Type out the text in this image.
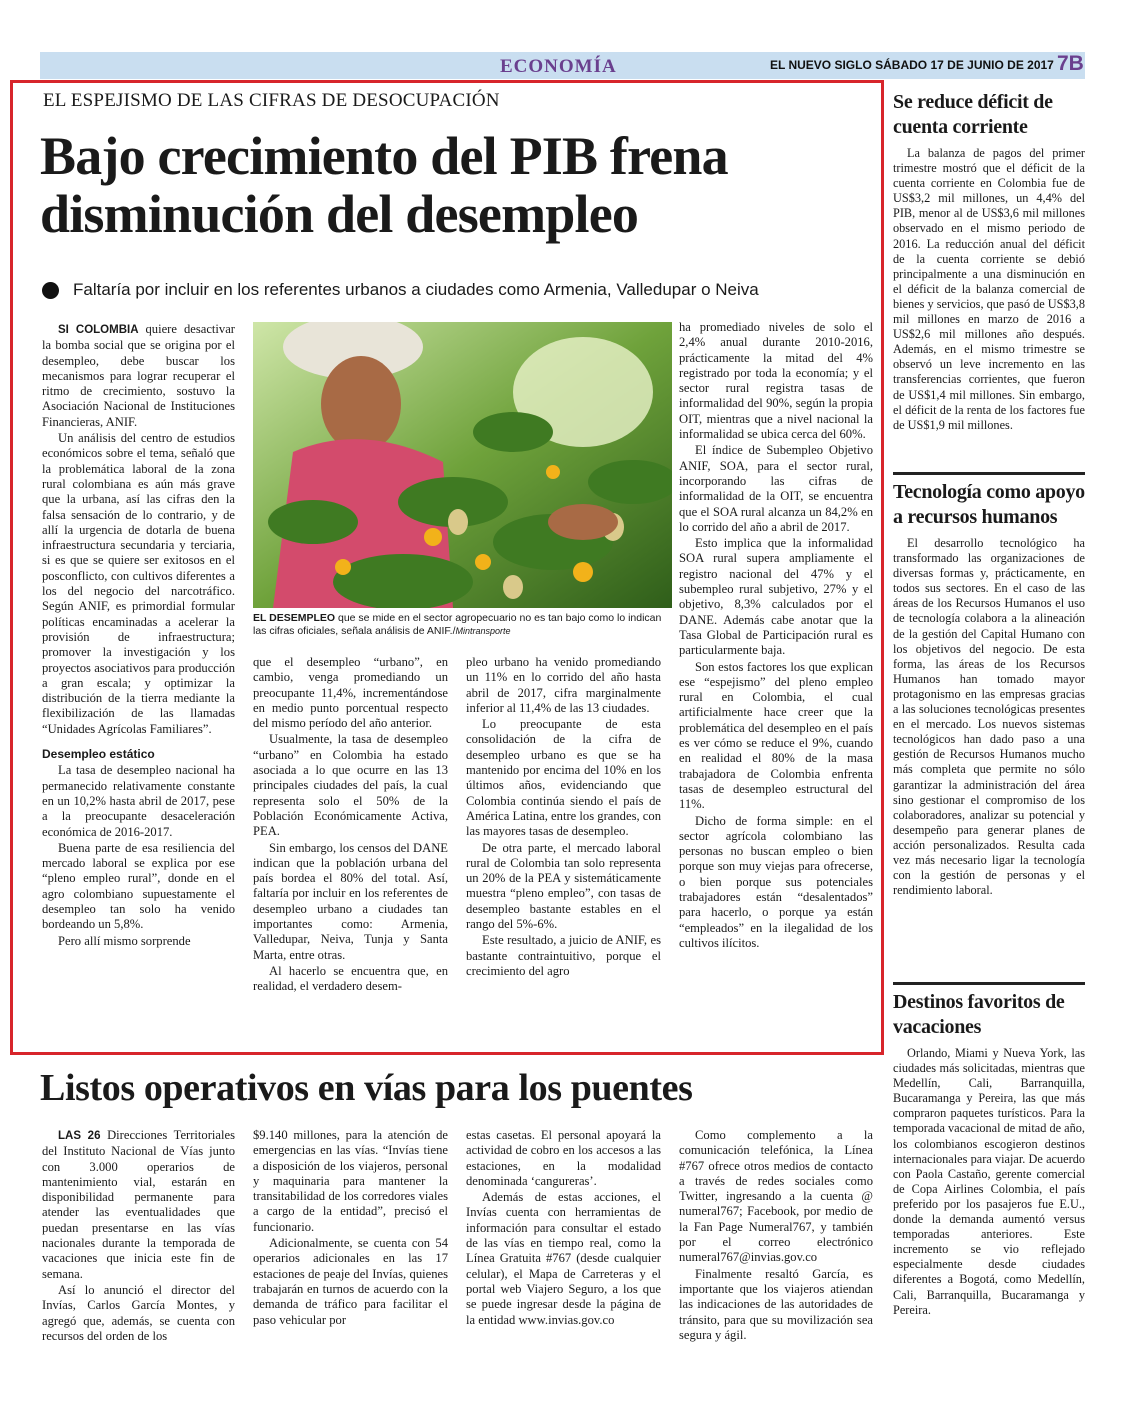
ECONOMÍA	EL NUEVO SIGLO SÁBADO 17 DE JUNIO DE 2017 7B
EL ESPEJISMO DE LAS CIFRAS DE DESOCUPACIÓN
Bajo crecimiento del PIB frena disminución del desempleo
Faltaría por incluir en los referentes urbanos a ciudades como Armenia, Valledupar o Neiva

SI COLOMBIA quiere desactivar la bomba social que se origina por el desempleo, debe buscar los mecanismos para lograr recuperar el ritmo de crecimiento, sostuvo la Asociación Nacional de Instituciones Financieras, ANIF.

Un análisis del centro de estudios económicos sobre el tema, señaló que la problemática laboral de la zona rural colombiana es aún más grave que la urbana, así las cifras den la falsa sensación de lo contrario, y de allí la urgencia de dotarla de buena infraestructura secundaria y terciaria, si es que se quiere ser exitosos en el posconflicto, con cultivos diferentes a los del negocio del narcotráfico. Según ANIF, es primordial formular políticas encaminadas a acelerar la provisión de infraestructura; promover la investigación y los proyectos asociativos para producción a gran escala; y optimizar la distribución de la tierra mediante la flexibilización de las llamadas “Unidades Agrícolas Familiares”.

Desempleo estático

La tasa de desempleo nacional ha permanecido relativamente constante en un 10,2% hasta abril de 2017, pese a la preocupante desaceleración económica de 2016-2017.

Buena parte de esa resiliencia del mercado laboral se explica por ese “pleno empleo rural”, donde en el agro colombiano supuestamente el desempleo tan solo ha venido bordeando un 5,8%.

Pero allí mismo sorprende

EL DESEMPLEO que se mide en el sector agropecuario no es tan bajo como lo indican las cifras oficiales, señala análisis de ANIF./Mintransporte

que el desempleo “urbano”, en cambio, venga promediando un preocupante 11,4%, incrementándose en medio punto porcentual respecto del mismo período del año anterior.

Usualmente, la tasa de desempleo “urbano” en Colombia ha estado asociada a lo que ocurre en las 13 principales ciudades del país, la cual representa solo el 50% de la Población Económicamente Activa, PEA.

Sin embargo, los censos del DANE indican que la población urbana del país bordea el 80% del total. Así, faltaría por incluir en los referentes de desempleo urbano a ciudades tan importantes como: Armenia, Valledupar, Neiva, Tunja y Santa Marta, entre otras.

Al hacerlo se encuentra que, en realidad, el verdadero desem-

pleo urbano ha venido promediando un 11% en lo corrido del año hasta abril de 2017, cifra marginalmente inferior al 11,4% de las 13 ciudades.

Lo preocupante de esta consolidación de la cifra de desempleo urbano es que se ha mantenido por encima del 10% en los últimos años, evidenciando que Colombia continúa siendo el país de América Latina, entre los grandes, con las mayores tasas de desempleo.

De otra parte, el mercado laboral rural de Colombia tan solo representa un 20% de la PEA y sistemáticamente muestra “pleno empleo”, con tasas de desempleo bastante estables en el rango del 5%-6%.

Este resultado, a juicio de ANIF, es bastante contraintuitivo, porque el crecimiento del agro

ha promediado niveles de solo el 2,4% anual durante 2010-2016, prácticamente la mitad del 4% registrado por toda la economía; y el sector rural registra tasas de informalidad del 90%, según la propia OIT, mientras que a nivel nacional la informalidad se ubica cerca del 60%.

El índice de Subempleo Objetivo ANIF, SOA, para el sector rural, incorporando las cifras de informalidad de la OIT, se encuentra que el SOA rural alcanza un 84,2% en lo corrido del año a abril de 2017.

Esto implica que la informalidad SOA rural supera ampliamente el registro nacional del 47% y el subempleo rural subjetivo, 27% y el objetivo, 8,3% calculados por el DANE. Además cabe anotar que la Tasa Global de Participación rural es particularmente baja.

Son estos factores los que explican ese “espejismo” del pleno empleo rural en Colombia, el cual artificialmente hace creer que la problemática del desempleo en el país es ver cómo se reduce el 9%, cuando en realidad el 80% de la masa trabajadora de Colombia enfrenta tasas de desempleo estructural del 11%.

Dicho de forma simple: en el sector agrícola colombiano las personas no buscan empleo o bien porque son muy viejas para ofrecerse, o bien porque sus potenciales trabajadores están “desalentados” para hacerlo, o porque ya están “empleados” en la ilegalidad de los cultivos ilícitos.

Listos operativos en vías para los puentes

LAS 26 Direcciones Territoriales del Instituto Nacional de Vías junto con 3.000 operarios de mantenimiento vial, estarán en disponibilidad permanente para atender las eventualidades que puedan presentarse en las vías nacionales durante la temporada de vacaciones que inicia este fin de semana.

Así lo anunció el director del Invías, Carlos García Montes, y agregó que, además, se cuenta con recursos del orden de los

$9.140 millones, para la atención de emergencias en las vías. “Invías tiene a disposición de los viajeros, personal y maquinaria para mantener la transitabilidad de los corredores viales a cargo de la entidad”, precisó el funcionario.

Adicionalmente, se cuenta con 54 operarios adicionales en las 17 estaciones de peaje del Invías, quienes trabajarán en turnos de acuerdo con la demanda de tráfico para facilitar el paso vehicular por

estas casetas. El personal apoyará la actividad de cobro en los accesos a las estaciones, en la modalidad denominada ‘cangureras’.

Además de estas acciones, el Invías cuenta con herramientas de información para consultar el estado de las vías en tiempo real, como la Línea Gratuita #767 (desde cualquier celular), el Mapa de Carreteras y el portal web Viajero Seguro, a los que se puede ingresar desde la página de la entidad www.invias.gov.co

Como complemento a la comunicación telefónica, la Línea #767 ofrece otros medios de contacto a través de redes sociales como Twitter, ingresando a la cuenta @ numeral767; Facebook, por medio de la Fan Page Numeral767, y también por el correo electrónico numeral767@invias.gov.co

Finalmente resaltó García, es importante que los viajeros atiendan las indicaciones de las autoridades de tránsito, para que su movilización sea segura y ágil.

Se reduce déficit de cuenta corriente

La balanza de pagos del primer trimestre mostró que el déficit de la cuenta corriente en Colombia fue de US$3,2 mil millones, un 4,4% del PIB, menor al de US$3,6 mil millones observado en el mismo periodo de 2016. La reducción anual del déficit de la cuenta corriente se debió principalmente a una disminución en el déficit de la balanza comercial de bienes y servicios, que pasó de US$3,8 mil millones en marzo de 2016 a US$2,6 mil millones año después. Además, en el mismo trimestre se observó un leve incremento en las transferencias corrientes, que fueron de US$1,4 mil millones. Sin embargo, el déficit de la renta de los factores fue de US$1,9 mil millones.

Tecnología como apoyo a recursos humanos

El desarrollo tecnológico ha transformado las organizaciones de diversas formas y, prácticamente, en todos sus sectores. En el caso de las áreas de los Recursos Humanos el uso de tecnología colabora a la alineación de la gestión del Capital Humano con los objetivos del negocio. De esta forma, las áreas de los Recursos Humanos han tomado mayor protagonismo en las empresas gracias a las soluciones tecnológicas presentes en el mercado. Los nuevos sistemas tecnológicos han dado paso a una gestión de Recursos Humanos mucho más completa que permite no sólo garantizar la administración del área sino gestionar el compromiso de los colaboradores, analizar su potencial y desempeño para generar planes de acción personalizados. Resulta cada vez más necesario ligar la tecnología con la gestión de personas y el rendimiento laboral.

Destinos favoritos de vacaciones

Orlando, Miami y Nueva York, las ciudades más solicitadas, mientras que Medellín, Cali, Barranquilla, Bucaramanga y Pereira, las que más compraron paquetes turísticos. Para la temporada vacacional de mitad de año, los colombianos escogieron destinos internacionales para viajar. De acuerdo con Paola Castaño, gerente comercial de Copa Airlines Colombia, el país preferido por los pasajeros fue E.U., donde la demanda aumentó versus temporadas anteriores. Este incremento se vio reflejado especialmente desde ciudades diferentes a Bogotá, como Medellín, Cali, Barranquilla, Bucaramanga y Pereira.
